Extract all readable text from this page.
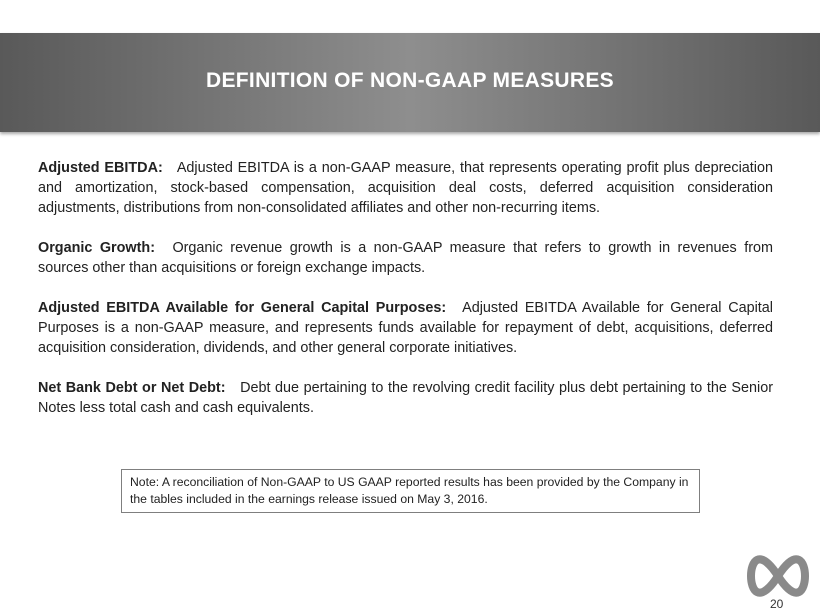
DEFINITION OF NON-GAAP MEASURES

Adjusted EBITDA: Adjusted EBITDA is a non-GAAP measure, that represents operating profit plus depreciation and amortization, stock-based compensation, acquisition deal costs, deferred acquisition consideration adjustments, distributions from non-consolidated affiliates and other non-recurring items.

Organic Growth: Organic revenue growth is a non-GAAP measure that refers to growth in revenues from sources other than acquisitions or foreign exchange impacts.

Adjusted EBITDA Available for General Capital Purposes: Adjusted EBITDA Available for General Capital Purposes is a non-GAAP measure, and represents funds available for repayment of debt, acquisitions, deferred acquisition consideration, dividends, and other general corporate initiatives.

Net Bank Debt or Net Debt: Debt due pertaining to the revolving credit facility plus debt pertaining to the Senior Notes less total cash and cash equivalents.

Note: A reconciliation of Non-GAAP to US GAAP reported results has been provided by the Company in the tables included in the earnings release issued on May 3, 2016.
20
